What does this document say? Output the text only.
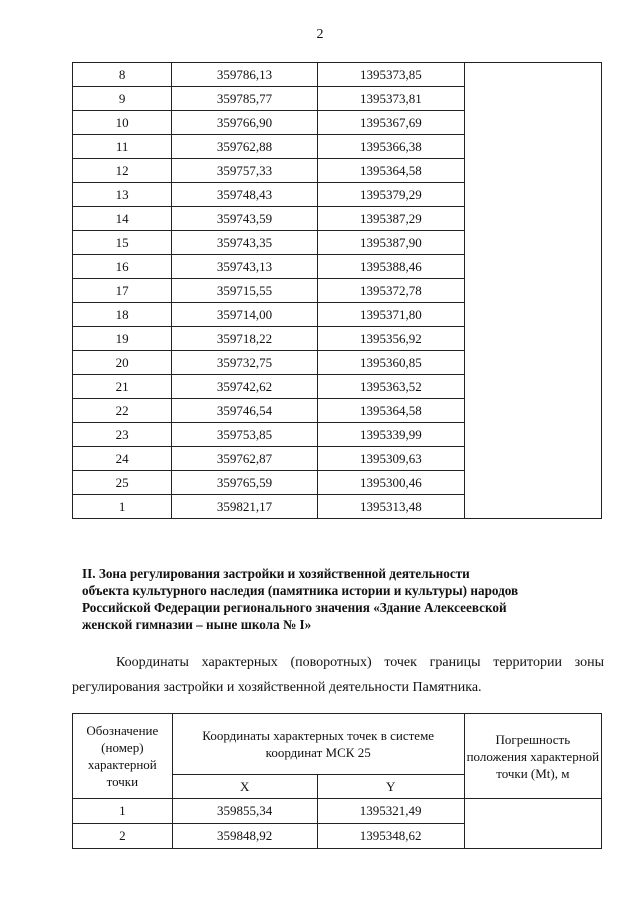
2
8	359786,13	1395373,85	
9	359785,77	1395373,81	
10	359766,90	1395367,69	
11	359762,88	1395366,38	
12	359757,33	1395364,58	
13	359748,43	1395379,29	
14	359743,59	1395387,29	
15	359743,35	1395387,90	
16	359743,13	1395388,46	
17	359715,55	1395372,78	
18	359714,00	1395371,80	
19	359718,22	1395356,92	
20	359732,75	1395360,85	
21	359742,62	1395363,52	
22	359746,54	1395364,58	
23	359753,85	1395339,99	
24	359762,87	1395309,63	
25	359765,59	1395300,46	
1	359821,17	1395313,48	

II. Зона регулирования застройки и хозяйственной деятельности

объекта культурного наследия (памятника истории и культуры) народов

Российской Федерации регионального значения «Здание Алексеевской

женской гимназии – ныне школа № I»

Координаты характерных (поворотных) точек границы территории зоны регулирования застройки и хозяйственной деятельности Памятника.

Обозначение (номер) характерной точки	Координаты характерных точек в системе координат МСК 25		Погрешность положения характерной точки (Mt), м
	X	Y	
1	359855,34	1395321,49	
2	359848,92	1395348,62	
